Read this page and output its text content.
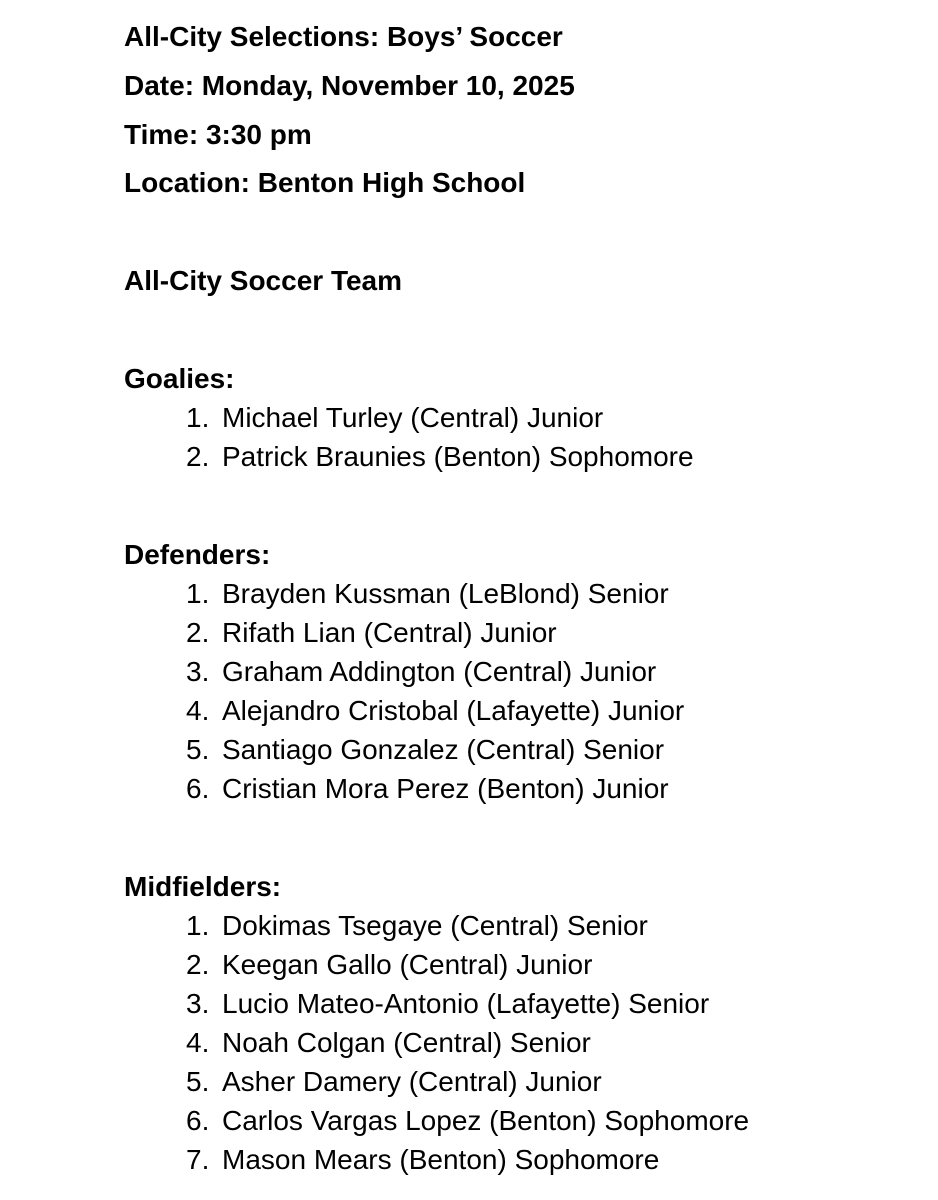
All-City Selections: Boys’ Soccer
Date: Monday, November 10, 2025
Time: 3:30 pm
Location: Benton High School
All-City Soccer Team
Goalies:
1. Michael Turley (Central) Junior
2. Patrick Braunies (Benton) Sophomore
Defenders:
1. Brayden Kussman (LeBlond) Senior
2. Rifath Lian (Central) Junior
3. Graham Addington (Central) Junior
4. Alejandro Cristobal (Lafayette) Junior
5. Santiago Gonzalez (Central) Senior
6. Cristian Mora Perez (Benton) Junior
Midfielders:
1. Dokimas Tsegaye (Central) Senior
2. Keegan Gallo (Central) Junior
3. Lucio Mateo-Antonio (Lafayette) Senior
4. Noah Colgan (Central) Senior
5. Asher Damery (Central) Junior
6. Carlos Vargas Lopez (Benton) Sophomore
7. Mason Mears (Benton) Sophomore
